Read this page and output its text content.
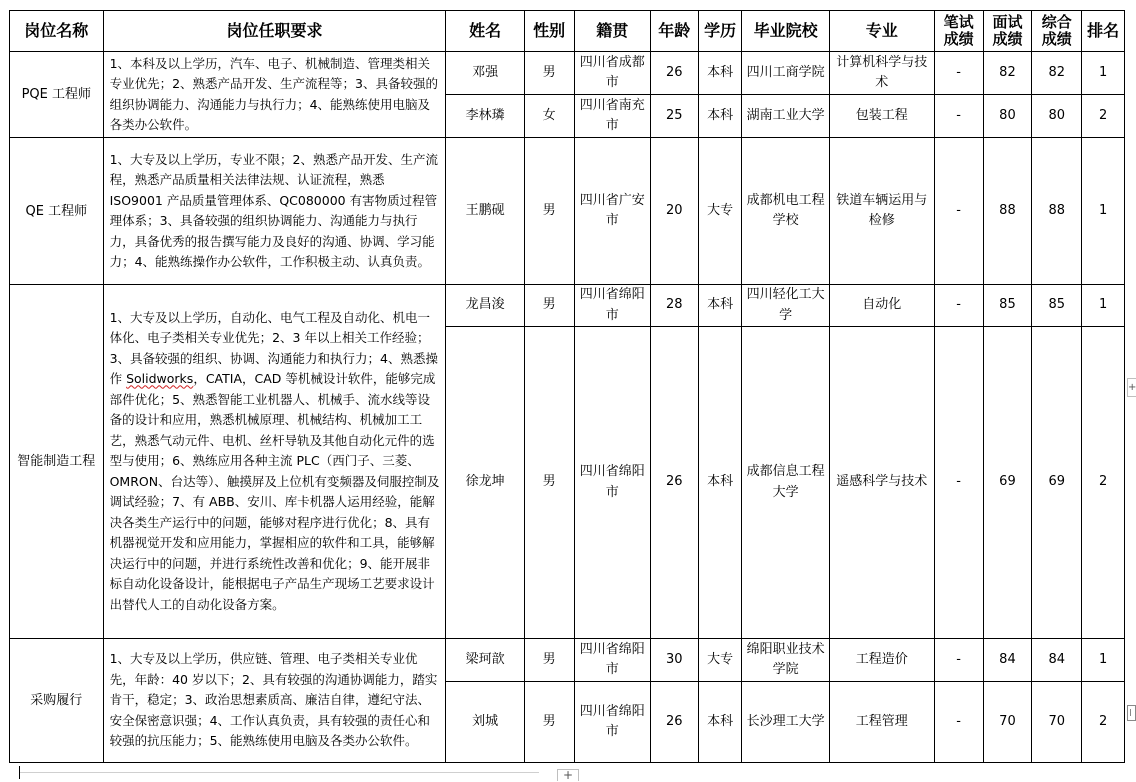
岗位名称	岗位任职要求	姓名	性别	籍贯	年龄	学历	毕业院校	专业	笔试成绩	面试成绩	综合成绩	排名
PQE 工程师	1、本科及以上学历，汽车、电子、机械制造、管理类相关专业优先；2、熟悉产品开发、生产流程等；3、具备较强的组织协调能力、沟通能力与执行力；4、能熟练使用电脑及各类办公软件。	邓强	男	四川省成都市	26	本科	四川工商学院	计算机科学与技术	-	82	82	1
		李林璘	女	四川省南充市	25	本科	湖南工业大学	包装工程	-	80	80	2
QE 工程师	1、大专及以上学历，专业不限；2、熟悉产品开发、生产流程，熟悉产品质量相关法律法规、认证流程，熟悉 ISO9001 产品质量管理体系、QC080000 有害物质过程管理体系；3、具备较强的组织协调能力、沟通能力与执行力，具备优秀的报告撰写能力及良好的沟通、协调、学习能力；4、能熟练操作办公软件，工作积极主动、认真负责。	王鹏砚	男	四川省广安市	20	大专	成都机电工程学校	铁道车辆运用与检修	-	88	88	1
智能制造工程	1、大专及以上学历，自动化、电气工程及自动化、机电一体化、电子类相关专业优先；2、3 年以上相关工作经验；3、具备较强的组织、协调、沟通能力和执行力；4、熟悉操作 Solidworks，CATIA，CAD 等机械设计软件，能够完成部件优化；5、熟悉智能工业机器人、机械手、流水线等设备的设计和应用，熟悉机械原理、机械结构、机械加工工艺，熟悉气动元件、电机、丝杆导轨及其他自动化元件的选型与使用；6、熟练应用各种主流 PLC（西门子、三菱、OMRON、台达等）、触摸屏及上位机有变频器及伺服控制及调试经验；7、有 ABB、安川、库卡机器人运用经验，能解决各类生产运行中的问题，能够对程序进行优化；8、具有机器视觉开发和应用能力，掌握相应的软件和工具，能够解决运行中的问题，并进行系统性改善和优化；9、能开展非标自动化设备设计，能根据电子产品生产现场工艺要求设计出替代人工的自动化设备方案。	龙昌浚	男	四川省绵阳市	28	本科	四川轻化工大学	自动化	-	85	85	1
		徐龙坤	男	四川省绵阳市	26	本科	成都信息工程大学	遥感科学与技术	-	69	69	2
采购履行	1、大专及以上学历，供应链、管理、电子类相关专业优先，年龄：40 岁以下；2、具有较强的沟通协调能力，踏实肯干，稳定；3、政治思想素质高、廉洁自律，遵纪守法、安全保密意识强；4、工作认真负责，具有较强的责任心和较强的抗压能力；5、能熟练使用电脑及各类办公软件。	梁珂歆	男	四川省绵阳市	30	大专	绵阳职业技术学院	工程造价	-	84	84	1
		刘城	男	四川省绵阳市	26	本科	长沙理工大学	工程管理	-	70	70	2
+
+
